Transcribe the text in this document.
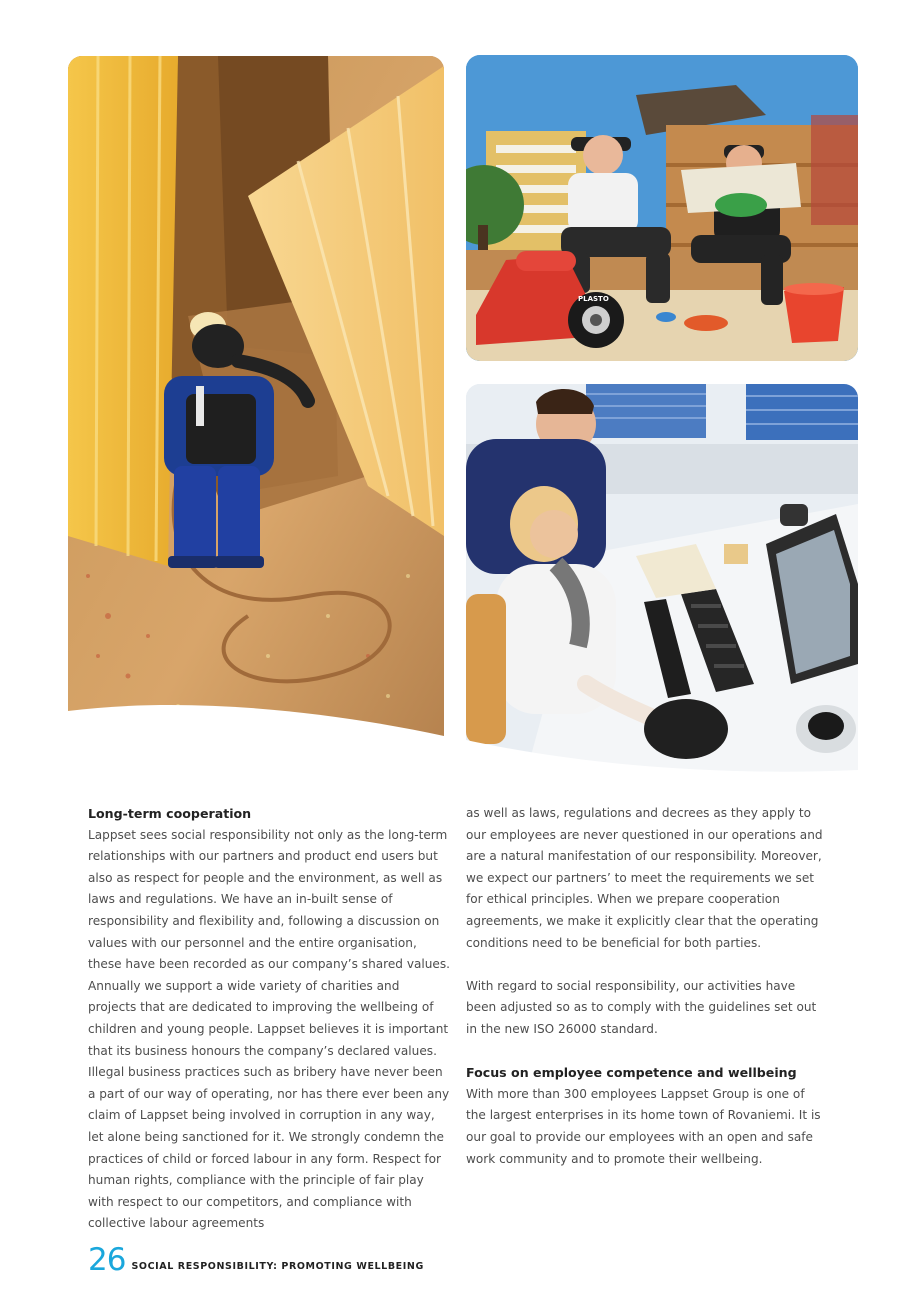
PLASTO
Long-term cooperation

Lappset sees social responsibility not only as the long-term relationships with our partners and product end users but also as respect for people and the environment, as well as laws and regulations. We have an in-built sense of responsibility and flexibility and, following a discussion on values with our personnel and the entire organisation, these have been recorded as our company’s shared values. Annually we support a wide variety of charities and projects that are dedicated to improving the wellbeing of children and young people. Lappset believes it is important that its business honours the company’s declared values. Illegal business practices such as bribery have never been a part of our way of operating, nor has there ever been any claim of Lappset being involved in corruption in any way, let alone being sanctioned for it. We strongly condemn the practices of child or forced labour in any form. Respect for human rights, compliance with the principle of fair play with respect to our competitors, and compliance with collective labour agreements

as well as laws, regulations and decrees as they apply to our employees are never questioned in our operations and are a natural manifestation of our responsibility. Moreover, we expect our partners’ to meet the requirements we set for ethical principles. When we prepare cooperation agreements, we make it explicitly clear that the operating conditions need to be beneficial for both parties.

With regard to social responsibility, our activities have been adjusted so as to comply with the guidelines set out in the new ISO 26000 standard.

Focus on employee competence and wellbeing

With more than 300 employees Lappset Group is one of the largest enterprises in its home town of Rovaniemi. It is our goal to provide our employees with an open and safe work community and to promote their wellbeing.

26 SOCIAL RESPONSIBILITY: PROMOTING WELLBEING
